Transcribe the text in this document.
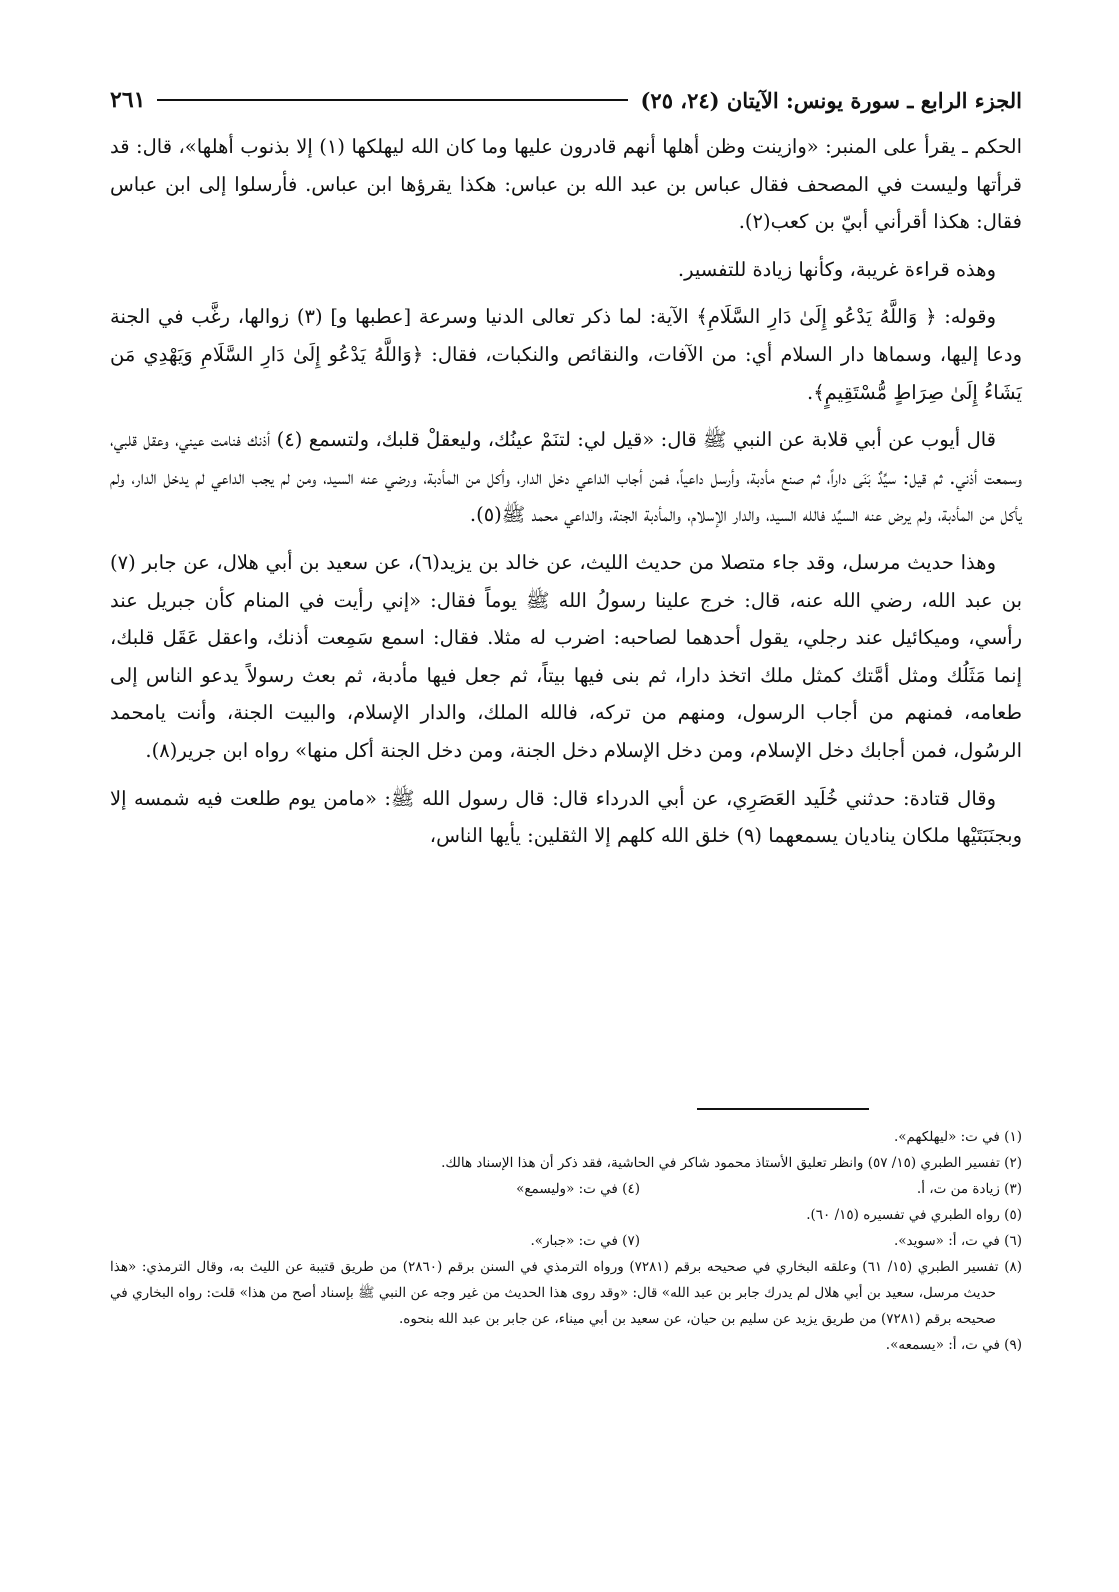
الجزء الرابع ـ سورة يونس: الآيتان (٢٤، ٢٥)
٢٦١

الحكم ـ يقرأ على المنبر: «وازينت وظن أهلها أنهم قادرون عليها وما كان الله ليهلكها (١) إلا بذنوب أهلها»، قال: قد قرأتها وليست في المصحف فقال عباس بن عبد الله بن عباس: هكذا يقرؤها ابن عباس. فأرسلوا إلى ابن عباس فقال: هكذا أقرأني أبيّ بن كعب(٢).

وهذه قراءة غريبة، وكأنها زيادة للتفسير.

وقوله: ﴿ وَاللَّهُ يَدْعُو إِلَىٰ دَارِ السَّلَامِ﴾ الآية: لما ذكر تعالى الدنيا وسرعة [عطبها و] (٣) زوالها، رغَّب في الجنة ودعا إليها، وسماها دار السلام أي: من الآفات، والنقائص والنكبات، فقال: ﴿وَاللَّهُ يَدْعُو إِلَىٰ دَارِ السَّلَامِ وَيَهْدِي مَن يَشَاءُ إِلَىٰ صِرَاطٍ مُّسْتَقِيمٍ﴾.

قال أيوب عن أبي قلابة عن النبي ﷺ قال: «قيل لي: لتنَمْ عينُك، وليعقلْ قلبك، ولتسمع (٤) أذنك فنامت عيني، وعقل قلبي، وسمعت أذني. ثم قيل: سيِّدٌ بَنَى داراً، ثم صنع مأدبة، وأرسل داعياً، فمن أجاب الداعي دخل الدار، وأكل من المأدبة، ورضي عنه السيد، ومن لم يجب الداعي لم يدخل الدار، ولم يأكل من المأدبة، ولم يرض عنه السيِّد فالله السيد، والدار الإسلام، والمأدبة الجنة، والداعي محمد ﷺ(٥).

وهذا حديث مرسل، وقد جاء متصلا من حديث الليث، عن خالد بن يزيد(٦)، عن سعيد بن أبي هلال، عن جابر (٧) بن عبد الله، رضي الله عنه، قال: خرج علينا رسولُ الله ﷺ يوماً فقال: «إني رأيت في المنام كأن جبريل عند رأسي، وميكائيل عند رجلي، يقول أحدهما لصاحبه: اضرب له مثلا. فقال: اسمع سَمِعت أذنك، واعقل عَقَل قلبك، إنما مَثَلُك ومثل أمَّتك كمثل ملك اتخذ دارا، ثم بنى فيها بيتاً، ثم جعل فيها مأدبة، ثم بعث رسولاً يدعو الناس إلى طعامه، فمنهم من أجاب الرسول، ومنهم من تركه، فالله الملك، والدار الإسلام، والبيت الجنة، وأنت يامحمد الرسُول، فمن أجابك دخل الإسلام، ومن دخل الإسلام دخل الجنة، ومن دخل الجنة أكل منها» رواه ابن جرير(٨).

وقال قتادة: حدثني خُلَيد العَصَرِي، عن أبي الدرداء قال: قال رسول الله ﷺ: «مامن يوم طلعت فيه شمسه إلا وبجنَبَتَيْها ملكان يناديان يسمعهما (٩) خلق الله كلهم إلا الثقلين: يأيها الناس،

(١) في ت: «ليهلكهم».

(٢) تفسير الطبري (١٥/ ٥٧) وانظر تعليق الأستاذ محمود شاكر في الحاشية، فقد ذكر أن هذا الإسناد هالك.

(٣) زيادة من ت، أ.

(٤) في ت: «وليسمع»

(٥) رواه الطبري في تفسيره (١٥/ ٦٠).

(٦) في ت، أ: «سويد».

(٧) في ت: «جبار».

(٨) تفسير الطبري (١٥/ ٦١) وعلقه البخاري في صحيحه برقم (٧٢٨١) ورواه الترمذي في السنن برقم (٢٨٦٠) من طريق قتيبة عن الليث به، وقال الترمذي: «هذا حديث مرسل، سعيد بن أبي هلال لم يدرك جابر بن عبد الله» قال: «وقد روى هذا الحديث من غير وجه عن النبي ﷺ بإسناد أصح من هذا» قلت: رواه البخاري في صحيحه برقم (٧٢٨١) من طريق يزيد عن سليم بن حيان، عن سعيد بن أبي ميناء، عن جابر بن عبد الله بنحوه.

(٩) في ت، أ: «يسمعه».
